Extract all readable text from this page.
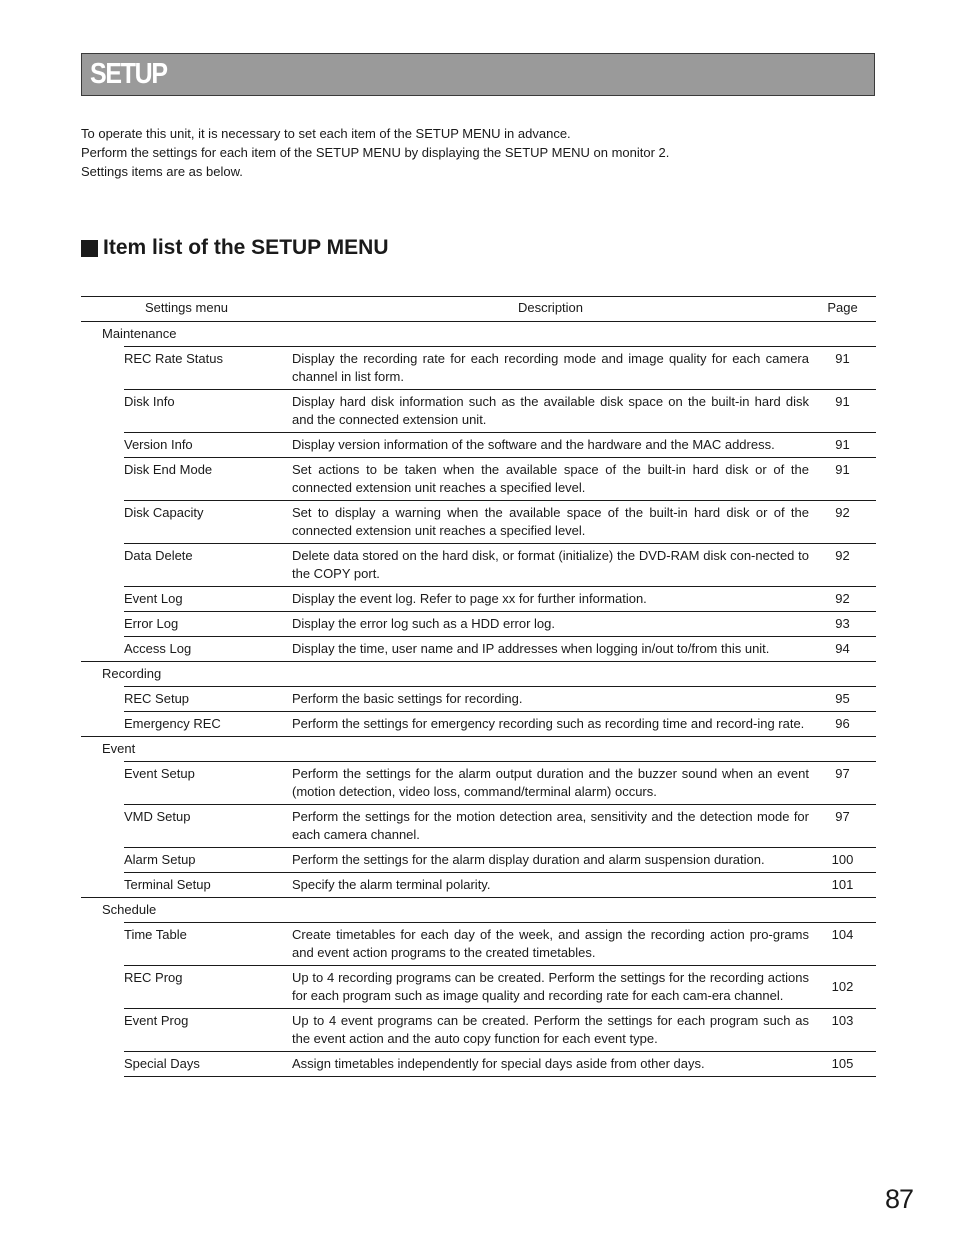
SETUP
To operate this unit, it is necessary to set each item of the SETUP MENU in advance.
Perform the settings for each item of the SETUP MENU by displaying the SETUP MENU on monitor 2.
Settings items are as below.
Item list of the SETUP MENU
Settings menu		Description	Page
Maintenance			
	REC Rate Status	Display the recording rate for each recording mode and image quality for each camera channel in list form.	91
	Disk Info	Display hard disk information such as the available disk space on the built-in hard disk and the connected extension unit.	91
	Version Info	Display version information of the software and the hardware and the MAC address.	91
	Disk End Mode	Set actions to be taken when the available space of the built-in hard disk or of the connected extension unit reaches a specified level.	91
	Disk Capacity	Set to display a warning when the available space of the built-in hard disk or of the connected extension unit reaches a specified level.	92
	Data Delete	Delete data stored on the hard disk, or format (initialize) the DVD-RAM disk con-nected to the COPY port.	92
	Event Log	Display the event log. Refer to page xx for further information.	92
	Error Log	Display the error log such as a HDD error log.	93
	Access Log	Display the time, user name and IP addresses when logging in/out to/from this unit.	94
Recording			
	REC Setup	Perform the basic settings for recording.	95
	Emergency REC	Perform the settings for emergency recording such as recording time and record-ing rate.	96
Event			
	Event Setup	Perform the settings for the alarm output duration and the buzzer sound when an event (motion detection, video loss, command/terminal alarm) occurs.	97
	VMD Setup	Perform the settings for the motion detection area, sensitivity and the detection mode for each camera channel.	97
	Alarm Setup	Perform the settings for the alarm display duration and alarm suspension duration.	100
	Terminal Setup	Specify the alarm terminal polarity.	101
Schedule			
	Time Table	Create timetables for each day of the week, and assign the recording action pro-grams and event action programs to the created timetables.	104
	REC Prog	Up to 4 recording programs can be created. Perform the settings for the recording actions for each program such as image quality and recording rate for each cam-era channel.	102
	Event Prog	Up to 4 event programs can be created. Perform the settings for each program such as the event action and the auto copy function for each event type.	103
	Special Days	Assign timetables independently for special days aside from other days.	105
87
